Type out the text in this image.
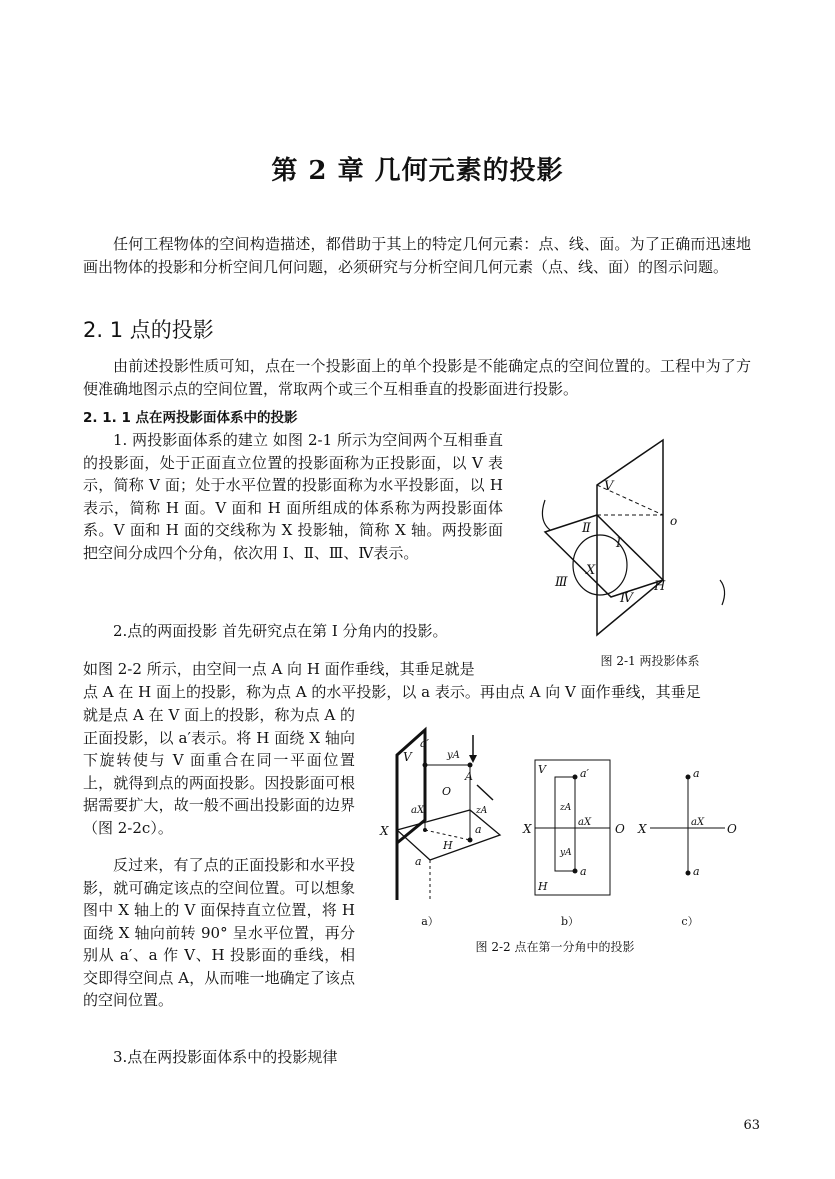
第 2 章 几何元素的投影
任何工程物体的空间构造描述，都借助于其上的特定几何元素：点、线、面。为了正确而迅速地画出物体的投影和分析空间几何问题，必须研究与分析空间几何元素（点、线、面）的图示问题。
2. 1 点的投影
由前述投影性质可知，点在一个投影面上的单个投影是不能确定点的空间位置的。工程中为了方便准确地图示点的空间位置，常取两个或三个互相垂直的投影面进行投影。
2. 1. 1 点在两投影面体系中的投影
1. 两投影面体系的建立 如图 2-1 所示为空间两个互相垂直的投影面，处于正面直立位置的投影面称为正投影面，以 V 表示，简称 V 面；处于水平位置的投影面称为水平投影面，以 H 表示，简称 H 面。V 面和 H 面所组成的体系称为两投影面体系。V 面和 H 面的交线称为 X 投影轴，简称 X 轴。两投影面把空间分成四个分角，依次用 Ⅰ、Ⅱ、Ⅲ、Ⅳ表示。
2.点的两面投影 首先研究点在第 Ⅰ 分角内的投影。
V
o
Ⅱ
Ⅰ
X
Ⅲ	H
Ⅳ
图 2-1 两投影体系
如图 2-2 所示，由空间一点 A 向 H 面作垂线，其垂足就是
点 A 在 H 面上的投影，称为点 A 的水平投影，以 a 表示。再由点 A 向 V 面作垂线，其垂足
就是点 A 在 V 面上的投影，称为点 A 的正面投影，以 a′表示。将 H 面绕 X 轴向下旋转使与 V 面重合在同一平面位置上，就得到点的两面投影。因投影面可根据需要扩大，故一般不画出投影面的边界（图 2-2c）。
V
a′
yA
A
O
aX	zA
X	a
H
a
V	a′
X	aX O
zA
yA
a
H
a
X	aX O
a
a）	b）	c）
图 2-2 点在第一分角中的投影
反过来，有了点的正面投影和水平投影，就可确定该点的空间位置。可以想象图中 X 轴上的 V 面保持直立位置，将 H 面绕 X 轴向前转 90° 呈水平位置，再分别从 a′、a 作 V、H 投影面的垂线，相交即得空间点 A，从而唯一地确定了该点的空间位置。
3.点在两投影面体系中的投影规律
63
